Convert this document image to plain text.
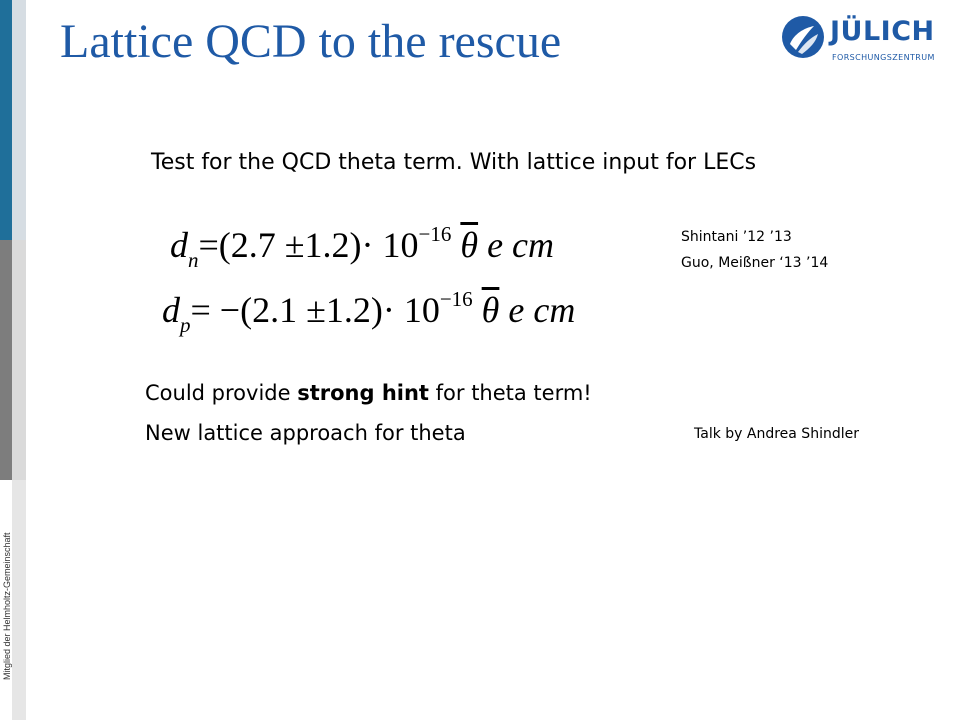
Mitglied der Helmholtz-Gemeinschaft
Lattice QCD to the rescue	JÜLICH
FORSCHUNGSZENTRUM
Test for the QCD theta term. With lattice input for LECs
$d_n=(2.7 \pm 1.2)\cdot 10^{-16}$ $\overline{\theta}$ e cm
$d_p= -(2.1 \pm 1.2)\cdot 10^{-16}$ $\overline{\theta}$ e cm
Shintani ’12 ’13
Guo, Meißner ‘13 ’14
Could provide strong hint for theta term!
New lattice approach for theta	Talk by Andrea Shindler
